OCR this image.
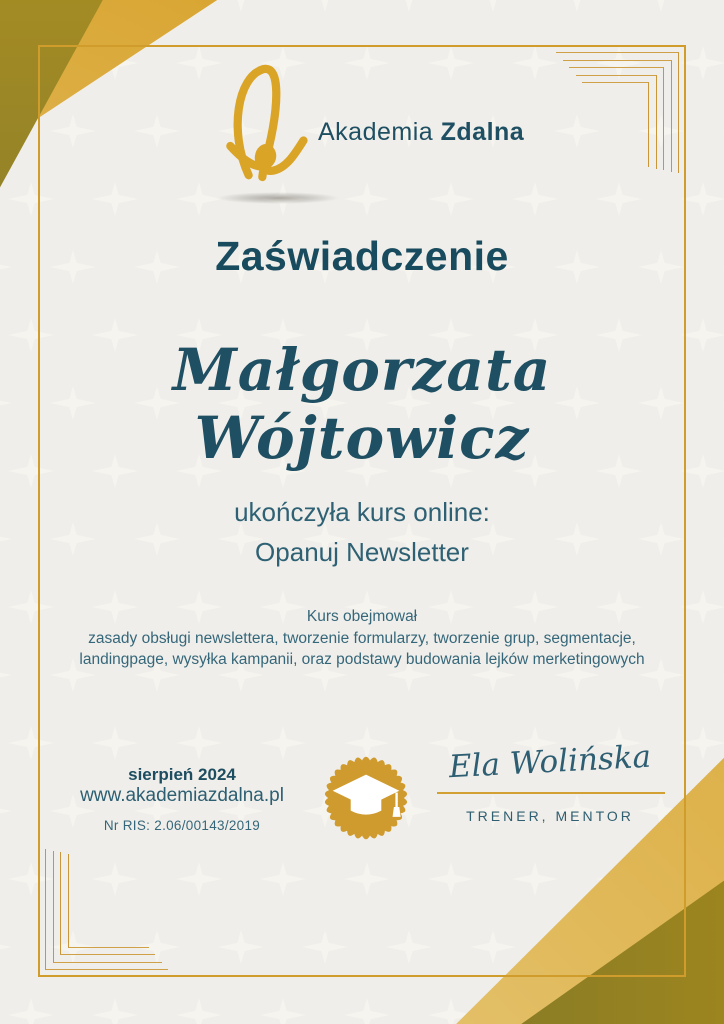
Akademia Zdalna
Zaświadczenie
Małgorzata Wójtowicz
ukończyła kurs online:
Opanuj Newsletter
Kurs obejmował
zasady obsługi newslettera, tworzenie formularzy, tworzenie grup, segmentacje,
landingpage, wysyłka kampanii, oraz podstawy budowania lejków merketingowych
sierpień 2024
www.akademiazdalna.pl
Nr RIS: 2.06/00143/2019
Ela Wolińska
TRENER, MENTOR
